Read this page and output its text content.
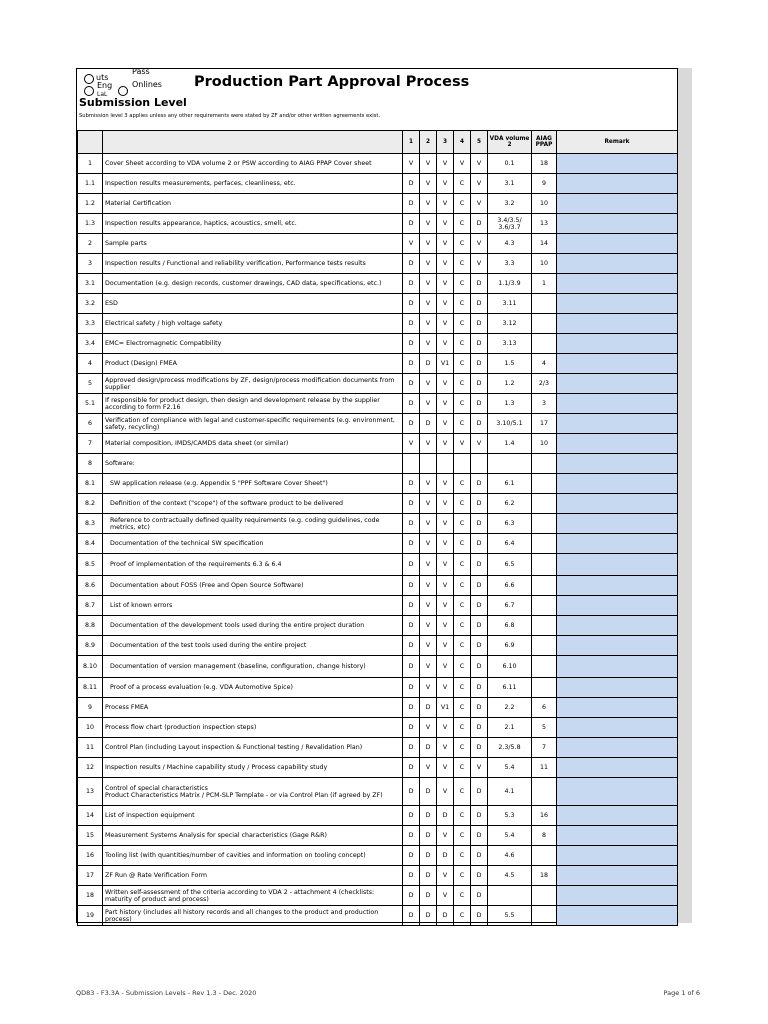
uts
Pass
Eng Onlines
LaL
Production Part Approval Process
Submission Level
Submission level 3 applies unless any other requirements were stated by ZF and/or other written agreements exist.
		1	2	3	4	5	VDA volume 2	AIAG PPAP	Remark
1	Cover Sheet according to VDA volume 2 or PSW according to AIAG PPAP Cover sheet	V	V	V	V	V	0.1	18	
1.1	Inspection results measurements, perfaces, cleanliness, etc.	D	V	V	C	V	3.1	9	
1.2	Material Certification	D	V	V	C	V	3.2	10	
1.3	Inspection results appearance, haptics, acoustics, smell, etc.	D	V	V	C	D	3.4/3.5/ 3.6/3.7	13	
2	Sample parts	V	V	V	C	V	4.3	14	
3	Inspection results / Functional and reliability verification, Performance tests results	D	V	V	C	V	3.3	10	
3.1	Documentation (e.g. design records, customer drawings, CAD data, specifications, etc.)	D	V	V	C	D	1.1/3.9	1	
3.2	ESD	D	V	V	C	D	3.11		
3.3	Electrical safety / high voltage safety	D	V	V	C	D	3.12		
3.4	EMC= Electromagnetic Compatibility	D	V	V	C	D	3.13		
4	Product (Design) FMEA	D	D	V1	C	D	1.5	4	
5	Approved design/process modifications by ZF, design/process modification documents from supplier	D	V	V	C	D	1.2	2/3	
5.1	If responsible for product design, then design and development release by the supplier according to form F2.16	D	V	V	C	D	1.3	3	
6	Verification of compliance with legal and customer-specific requirements (e.g. environment, safety, recycling)	D	D	V	C	D	3.10/5.1	17	
7	Material composition, IMDS/CAMDS data sheet (or similar)	V	V	V	V	V	1.4	10	
8	Software:								
8.1	SW application release (e.g. Appendix 5 "PPF Software Cover Sheet")	D	V	V	C	D	6.1		
8.2	Definition of the context ("scope") of the software product to be delivered	D	V	V	C	D	6.2		
8.3	Reference to contractually defined quality requirements (e.g. coding guidelines, code metrics, etc)	D	V	V	C	D	6.3		
8.4	Documentation of the technical SW specification	D	V	V	C	D	6.4		
8.5	Proof of implementation of the requirements 6.3 & 6.4	D	V	V	C	D	6.5		
8.6	Documentation about FOSS (Free and Open Source Software)	D	V	V	C	D	6.6		
8.7	List of known errors	D	V	V	C	D	6.7		
8.8	Documentation of the development tools used during the entire project duration	D	V	V	C	D	6.8		
8.9	Documentation of the test tools used during the entire project	D	V	V	C	D	6.9		
8.10	Documentation of version management (baseline, configuration, change history)	D	V	V	C	D	6.10		
8.11	Proof of a process evaluation (e.g. VDA Automotive Spice)	D	V	V	C	D	6.11		
9	Process FMEA	D	D	V1	C	D	2.2	6	
10	Process flow chart (production inspection steps)	D	V	V	C	D	2.1	5	
11	Control Plan (including Layout inspection & Functional testing / Revalidation Plan)	D	D	V	C	D	2.3/5.8	7	
12	Inspection results / Machine capability study / Process capability study	D	V	V	C	V	5.4	11	
13	Control of special characteristics
Product Characteristics Matrix / PCM-SLP Template - or via Control Plan (if agreed by ZF)	D	D	V	C	D	4.1		
14	List of inspection equipment	D	D	D	C	D	5.3	16	
15	Measurement Systems Analysis for special characteristics (Gage R&R)	D	D	V	C	D	5.4	8	
16	Tooling list (with quantities/number of cavities and information on tooling concept)	D	D	D	C	D	4.6		
17	ZF Run @ Rate Verification Form	D	D	V	C	D	4.5	18	
18	Written self-assessment of the criteria according to VDA 2 - attachment 4 (checklists: maturity of product and process)	D	D	V	C	D			
19	Part history (includes all history records and all changes to the product and production process)	D	D	D	C	D	5.5		
QD83 - F3.3A - Submission Levels - Rev 1.3 - Dec. 2020	Page 1 of 6
